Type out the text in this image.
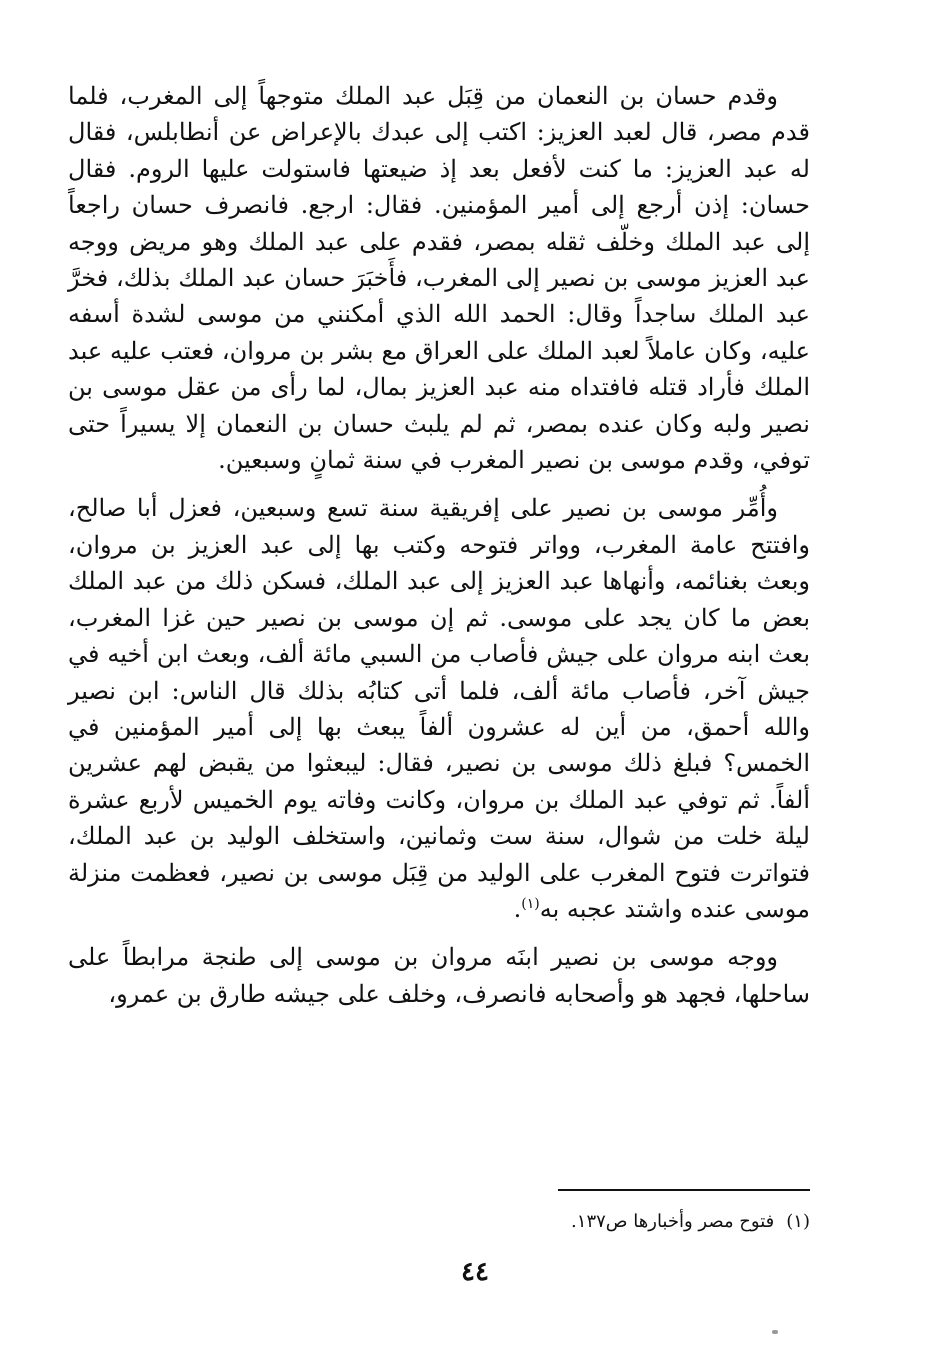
وقدم حسان بن النعمان من قِبَل عبد الملك متوجهاً إلى المغرب، فلما قدم مصر، قال لعبد العزيز: اكتب إلى عبدك بالإعراض عن أنطابلس، فقال له عبد العزيز: ما كنت لأفعل بعد إذ ضيعتها فاستولت عليها الروم. فقال حسان: إذن أرجع إلى أمير المؤمنين. فقال: ارجع. فانصرف حسان راجعاً إلى عبد الملك وخلّف ثقله بمصر، فقدم على عبد الملك وهو مريض ووجه عبد العزيز موسى بن نصير إلى المغرب، فأَخبَرَ حسان عبد الملك بذلك، فخرَّ عبد الملك ساجداً وقال: الحمد الله الذي أمكنني من موسى لشدة أسفه عليه، وكان عاملاً لعبد الملك على العراق مع بشر بن مروان، فعتب عليه عبد الملك فأراد قتله فافتداه منه عبد العزيز بمال، لما رأى من عقل موسى بن نصير ولبه وكان عنده بمصر، ثم لم يلبث حسان بن النعمان إلا يسيراً حتى توفي، وقدم موسى بن نصير المغرب في سنة ثمانٍ وسبعين.

وأُمِّر موسى بن نصير على إفريقية سنة تسع وسبعين، فعزل أبا صالح، وافتتح عامة المغرب، وواتر فتوحه وكتب بها إلى عبد العزيز بن مروان، وبعث بغنائمه، وأنهاها عبد العزيز إلى عبد الملك، فسكن ذلك من عبد الملك بعض ما كان يجد على موسى. ثم إن موسى بن نصير حين غزا المغرب، بعث ابنه مروان على جيش فأصاب من السبي مائة ألف، وبعث ابن أخيه في جيش آخر، فأصاب مائة ألف، فلما أتى كتابُه بذلك قال الناس: ابن نصير والله أحمق، من أين له عشرون ألفاً يبعث بها إلى أمير المؤمنين في الخمس؟ فبلغ ذلك موسى بن نصير، فقال: ليبعثوا من يقبض لهم عشرين ألفاً. ثم توفي عبد الملك بن مروان، وكانت وفاته يوم الخميس لأربع عشرة ليلة خلت من شوال، سنة ست وثمانين، واستخلف الوليد بن عبد الملك، فتواترت فتوح المغرب على الوليد من قِبَل موسى بن نصير، فعظمت منزلة موسى عنده واشتد عجبه به$^{(١)}$.

ووجه موسى بن نصير ابنَه مروان بن موسى إلى طنجة مرابطاً على ساحلها، فجهد هو وأصحابه فانصرف، وخلف على جيشه طارق بن عمرو،

(١)فتوح مصر وأخبارها ص١٣٧.
٤٤
